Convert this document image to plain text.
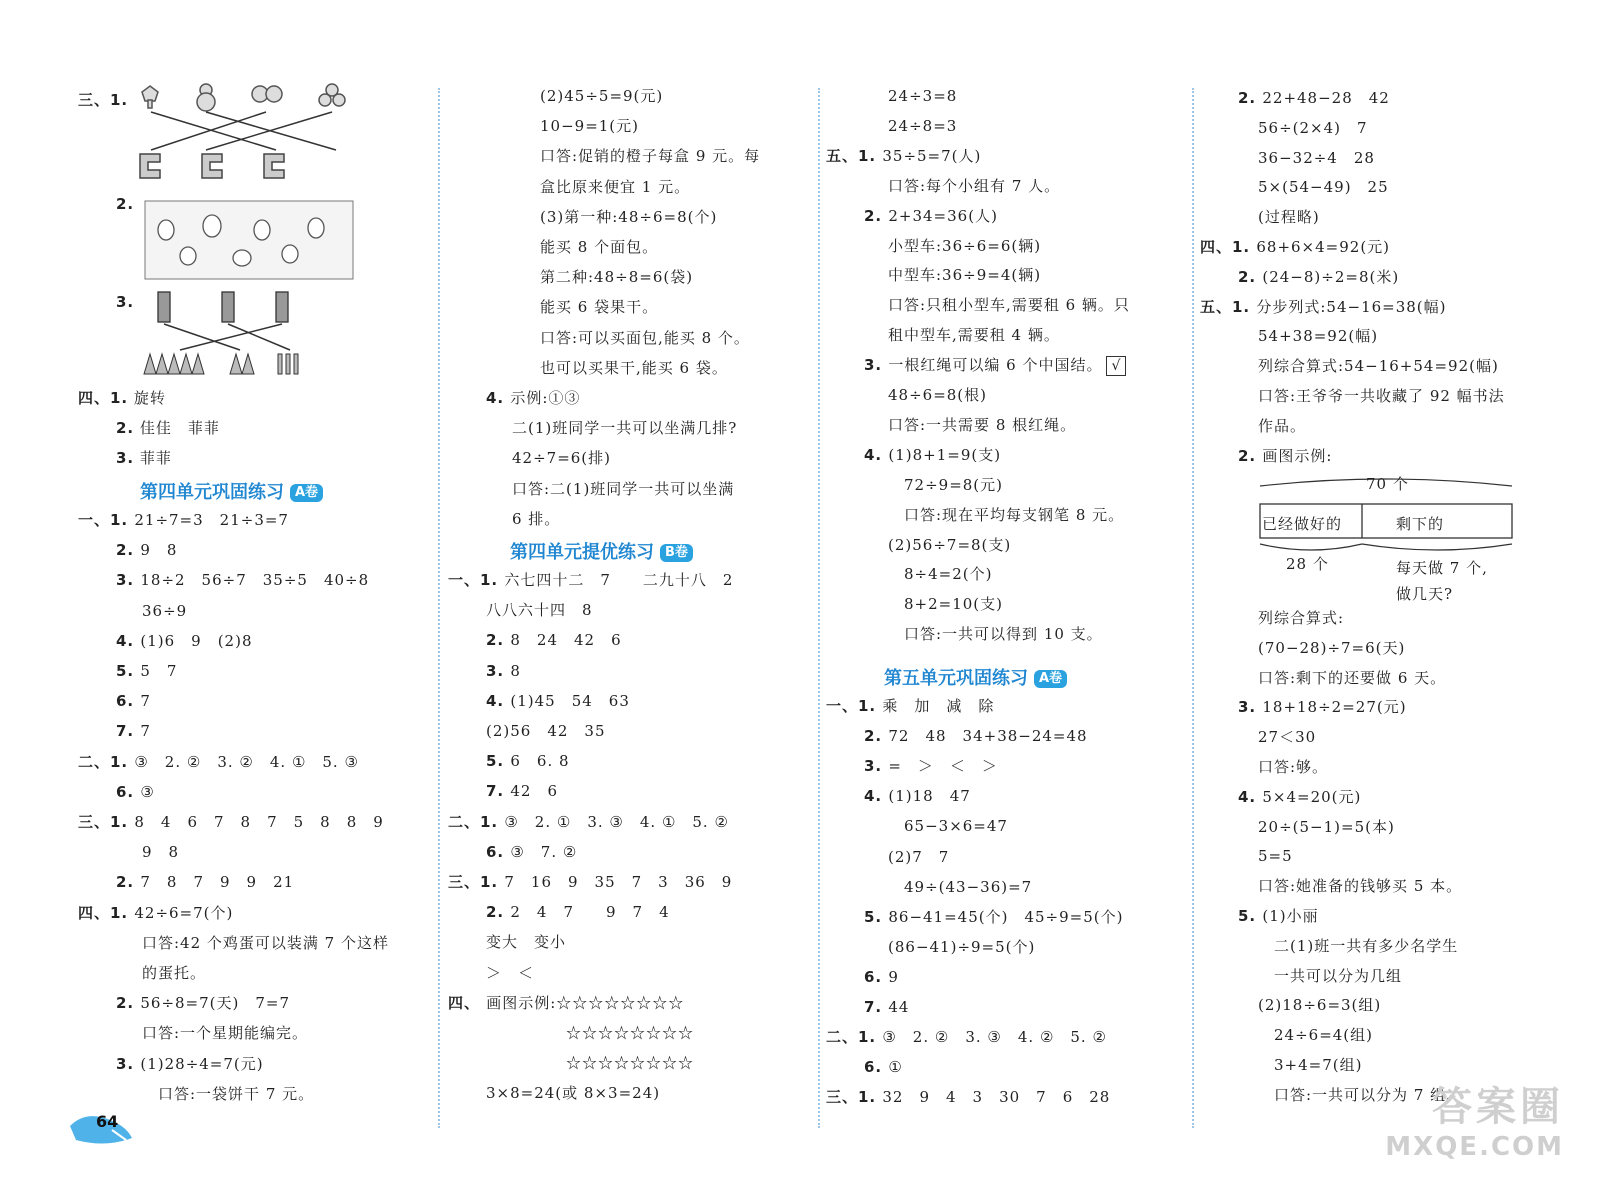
三、1.
2.
3.
四、1. 旋转
2. 佳佳　菲菲
3. 菲菲
第四单元巩固练习 A卷
一、1. 21÷7=3　21÷3=7
2. 9　8
3. 18÷2　56÷7　35÷5　40÷8
36÷9
4. (1)6　9　(2)8
5. 5　7
6. 7
7. 7
二、1. ③　2. ②　3. ②　4. ①　5. ③
6. ③
三、1. 8　4　6　7　8　7　5　8　8　9
9　8
2. 7　8　7　9　9　21
四、1. 42÷6=7(个)
口答:42 个鸡蛋可以装满 7 个这样
的蛋托。
2. 56÷8=7(天)　7=7
口答:一个星期能编完。
3. (1)28÷4=7(元)
　口答:一袋饼干 7 元。
(2)45÷5=9(元)
10−9=1(元)
口答:促销的橙子每盒 9 元。每
盒比原来便宜 1 元。
(3)第一种:48÷6=8(个)
能买 8 个面包。
第二种:48÷8=6(袋)
能买 6 袋果干。
口答:可以买面包,能买 8 个。
也可以买果干,能买 6 袋。
4. 示例:①③
二(1)班同学一共可以坐满几排?
42÷7=6(排)
口答:二(1)班同学一共可以坐满
6 排。
第四单元提优练习 B卷
一、1. 六七四十二　7　　二九十八　2
八八六十四　8
2. 8　24　42　6
3. 8
4. (1)45　54　63
(2)56　42　35
5. 6　6. 8
7. 42　6
二、1. ③　2. ①　3. ③　4. ①　5. ②
6. ③　7. ②
三、1. 7　16　9　35　7　3　36　9
2. 2　4　7　　9　7　4
变大　变小
＞　＜
四、 画图示例:☆☆☆☆☆☆☆☆
　　　　　☆☆☆☆☆☆☆☆
　　　　　☆☆☆☆☆☆☆☆
3×8=24(或 8×3=24)
24÷3=8
24÷8=3
五、1. 35÷5=7(人)
口答:每个小组有 7 人。
2. 2+34=36(人)
小型车:36÷6=6(辆)
中型车:36÷9=4(辆)
口答:只租小型车,需要租 6 辆。只
租中型车,需要租 4 辆。
3. 一根红绳可以编 6 个中国结。 √
48÷6=8(根)
口答:一共需要 8 根红绳。
4. (1)8+1=9(支)
　72÷9=8(元)
　口答:现在平均每支钢笔 8 元。
(2)56÷7=8(支)
　8÷4=2(个)
　8+2=10(支)
　口答:一共可以得到 10 支。
第五单元巩固练习 A卷
一、1. 乘　加　减　除
2. 72　48　34+38−24=48
3. =　＞　＜　＞
4. (1)18　47
　65−3×6=47
(2)7　7
　49÷(43−36)=7
5. 86−41=45(个)　45÷9=5(个)
(86−41)÷9=5(个)
6. 9
7. 44
二、1. ③　2. ②　3. ③　4. ②　5. ②
6. ①
三、1. 32　9　4　3　30　7　6　28
2. 22+48−28　42
56÷(2×4)　7
36−32÷4　28
5×(54−49)　25
(过程略)
四、1. 68+6×4=92(元)
2. (24−8)÷2=8(米)
五、1. 分步列式:54−16=38(幅)
54+38=92(幅)
列综合算式:54−16+54=92(幅)
口答:王爷爷一共收藏了 92 幅书法
作品。
2. 画图示例:
70 个
已经做好的	剩下的
28 个	每天做 7 个,
做几天?
列综合算式:
(70−28)÷7=6(天)
口答:剩下的还要做 6 天。
3. 18+18÷2=27(元)
27＜30
口答:够。
4. 5×4=20(元)
20÷(5−1)=5(本)
5=5
口答:她准备的钱够买 5 本。
5. (1)小丽
　二(1)班一共有多少名学生
　一共可以分为几组
(2)18÷6=3(组)
　24÷6=4(组)
　3+4=7(组)
　口答:一共可以分为 7 组。
64	答案圈
MXQE.COM
